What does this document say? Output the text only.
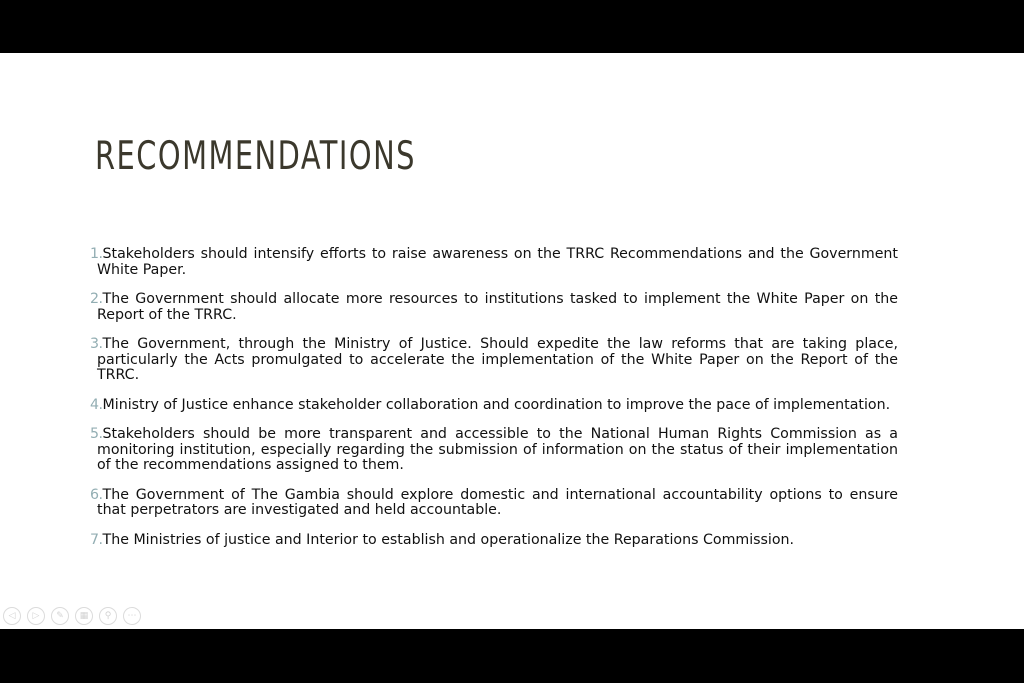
RECOMMENDATIONS
1.Stakeholders should intensify efforts to raise awareness on the TRRC Recommendations and the Government White Paper.
2.The Government should allocate more resources to institutions tasked to implement the White Paper on the Report of the TRRC.
3.The Government, through the Ministry of Justice. Should expedite the law reforms that are taking place, particularly the Acts promulgated to accelerate the implementation of the White Paper on the Report of the TRRC.
4.Ministry of Justice enhance stakeholder collaboration and coordination to improve the pace of implementation.
5.Stakeholders should be more transparent and accessible to the National Human Rights Commission as a monitoring institution, especially regarding the submission of information on the status of their implementation of the recommendations assigned to them.
6.The Government of The Gambia should explore domestic and international accountability options to ensure that perpetrators are investigated and held accountable.
7.The Ministries of justice and Interior to establish and operationalize the Reparations Commission.
◁ ▷ ✎ ▦ ⚲ ⋯
